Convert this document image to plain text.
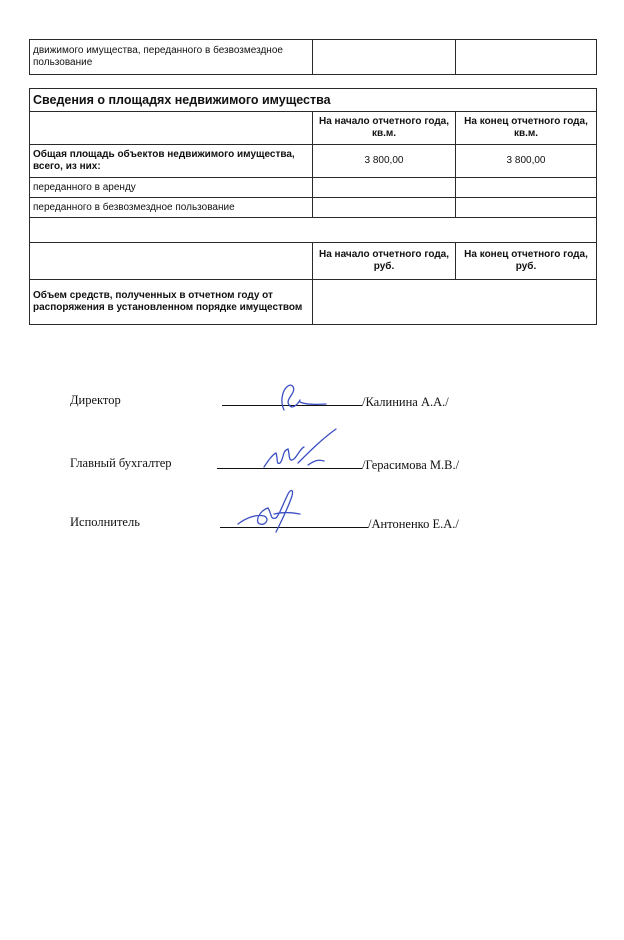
движимого имущества, переданного в безвозмездное пользование		
Сведения о площадях недвижимого имущества		
	На начало отчетного года, кв.м.	На конец отчетного года, кв.м.
Общая площадь объектов недвижимого имущества, всего, из них:	3 800,00	3 800,00
переданного в аренду		
переданного в безвозмездное пользование		

	На начало отчетного года, руб.	На конец отчетного года, руб.
Объем средств, полученных в отчетном году от распоряжения в установленном порядке имуществом		
Директор	/Калинина А.А./
Главный бухгалтер	/Герасимова М.В./
Исполнитель	/Антоненко Е.А./
